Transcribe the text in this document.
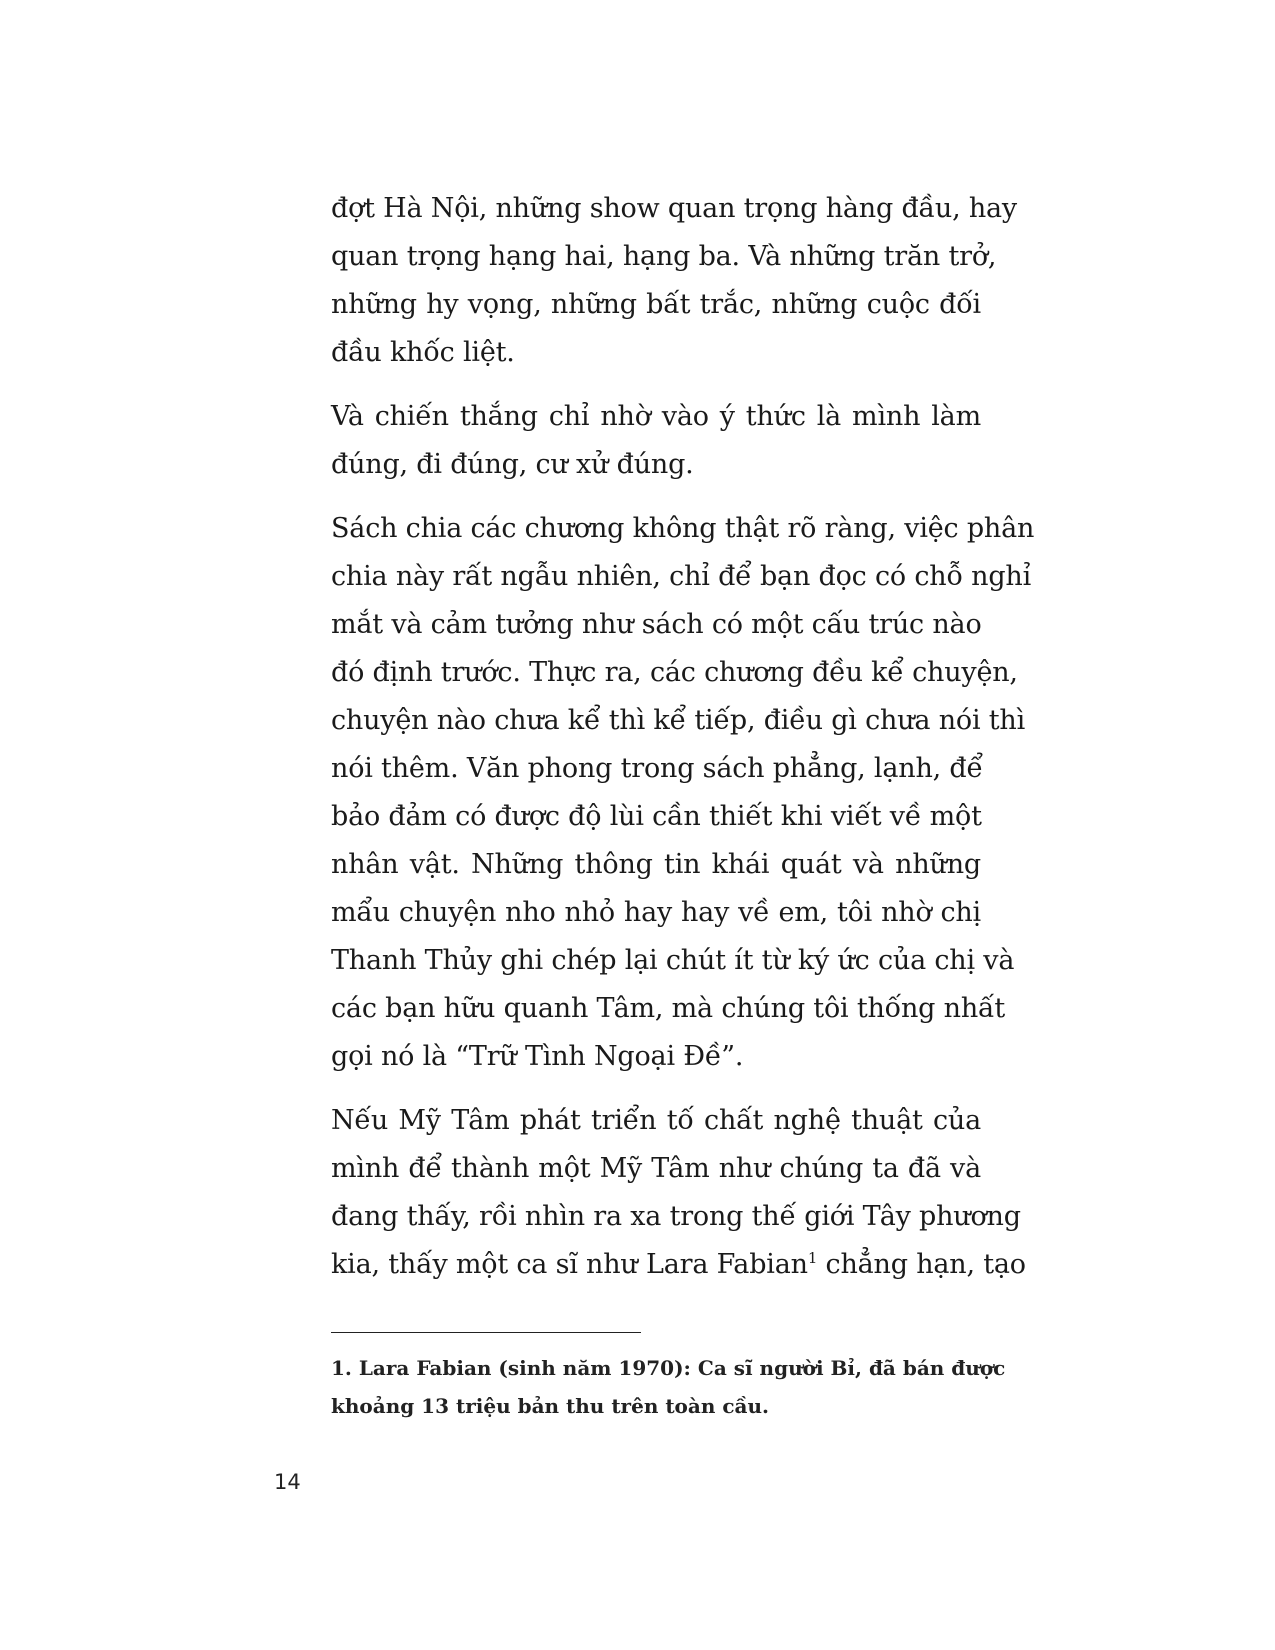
đợt Hà Nội, những show quan trọng hàng đầu, hay
quan trọng hạng hai, hạng ba. Và những trăn trở,
những hy vọng, những bất trắc, những cuộc đối
đầu khốc liệt.

Và chiến thắng chỉ nhờ vào ý thức là mình làm
đúng, đi đúng, cư xử đúng.

Sách chia các chương không thật rõ ràng, việc phân
chia này rất ngẫu nhiên, chỉ để bạn đọc có chỗ nghỉ
mắt và cảm tưởng như sách có một cấu trúc nào
đó định trước. Thực ra, các chương đều kể chuyện,
chuyện nào chưa kể thì kể tiếp, điều gì chưa nói thì
nói thêm. Văn phong trong sách phẳng, lạnh, để
bảo đảm có được độ lùi cần thiết khi viết về một
nhân vật. Những thông tin khái quát và những
mẩu chuyện nho nhỏ hay hay về em, tôi nhờ chị
Thanh Thủy ghi chép lại chút ít từ ký ức của chị và
các bạn hữu quanh Tâm, mà chúng tôi thống nhất
gọi nó là “Trữ Tình Ngoại Đề”.

Nếu Mỹ Tâm phát triển tố chất nghệ thuật của
mình để thành một Mỹ Tâm như chúng ta đã và
đang thấy, rồi nhìn ra xa trong thế giới Tây phương
kia, thấy một ca sĩ như Lara Fabian$^1$ chẳng hạn, tạo

1. Lara Fabian (sinh năm 1970): Ca sĩ người Bỉ, đã bán được
khoảng 13 triệu bản thu trên toàn cầu.
14
